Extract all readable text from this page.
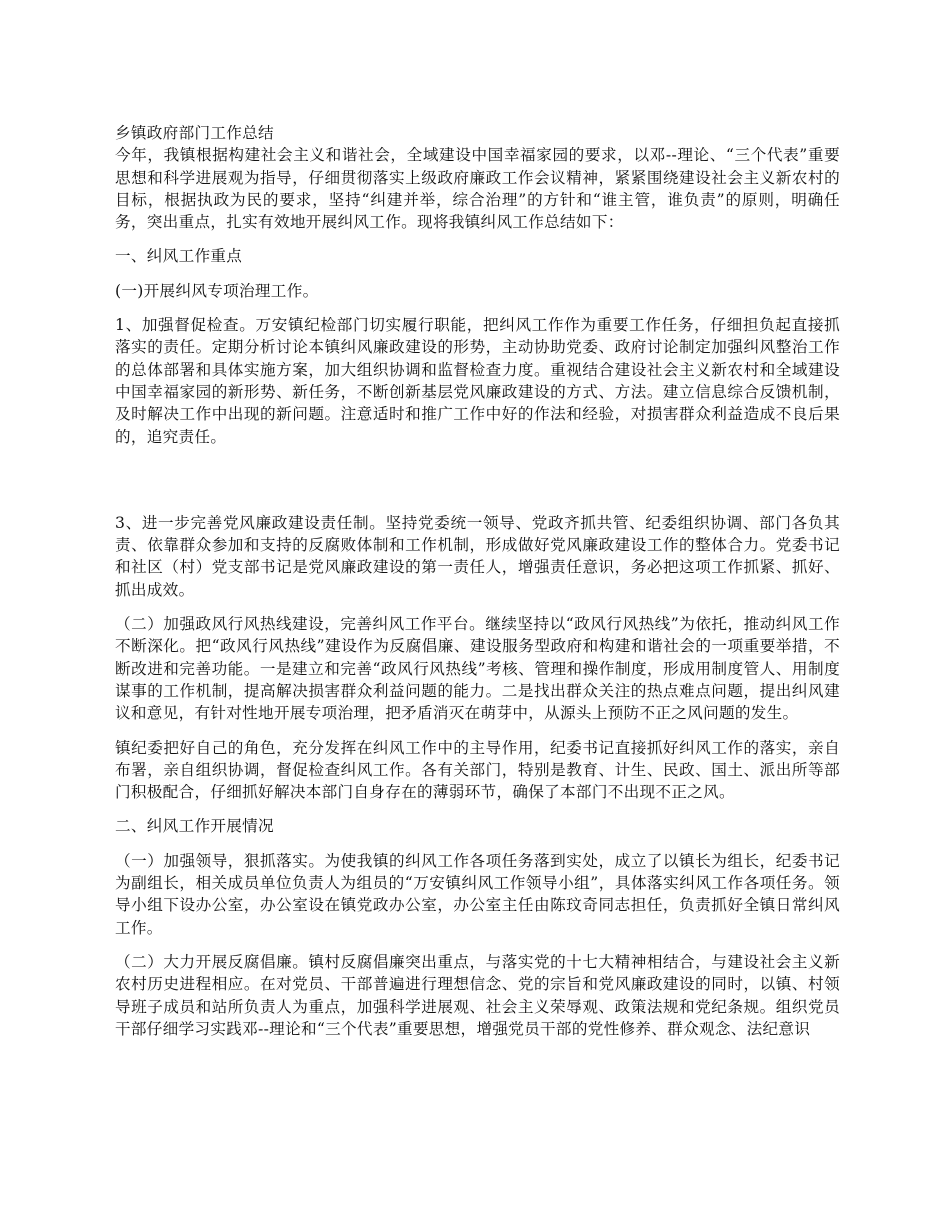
乡镇政府部门工作总结

今年，我镇根据构建社会主义和谐社会，全域建设中国幸福家园的要求，以邓--理论、“三个代表”重要思想和科学进展观为指导，仔细贯彻落实上级政府廉政工作会议精神，紧紧围绕建设社会主义新农村的目标，根据执政为民的要求，坚持“纠建并举，综合治理”的方针和“谁主管，谁负责”的原则，明确任务，突出重点，扎实有效地开展纠风工作。现将我镇纠风工作总结如下：

一、纠风工作重点

(一)开展纠风专项治理工作。

1、加强督促检查。万安镇纪检部门切实履行职能，把纠风工作作为重要工作任务，仔细担负起直接抓落实的责任。定期分析讨论本镇纠风廉政建设的形势，主动协助党委、政府讨论制定加强纠风整治工作的总体部署和具体实施方案，加大组织协调和监督检查力度。重视结合建设社会主义新农村和全域建设中国幸福家园的新形势、新任务，不断创新基层党风廉政建设的方式、方法。建立信息综合反馈机制，及时解决工作中出现的新问题。注意适时和推广工作中好的作法和经验，对损害群众利益造成不良后果的，追究责任。

3、进一步完善党风廉政建设责任制。坚持党委统一领导、党政齐抓共管、纪委组织协调、部门各负其责、依靠群众参加和支持的反腐败体制和工作机制，形成做好党风廉政建设工作的整体合力。党委书记和社区（村）党支部书记是党风廉政建设的第一责任人，增强责任意识，务必把这项工作抓紧、抓好、抓出成效。

（二）加强政风行风热线建设，完善纠风工作平台。继续坚持以“政风行风热线”为依托，推动纠风工作不断深化。把“政风行风热线”建设作为反腐倡廉、建设服务型政府和构建和谐社会的一项重要举措，不断改进和完善功能。一是建立和完善“政风行风热线”考核、管理和操作制度，形成用制度管人、用制度谋事的工作机制，提高解决损害群众利益问题的能力。二是找出群众关注的热点难点问题，提出纠风建议和意见，有针对性地开展专项治理，把矛盾消灭在萌芽中，从源头上预防不正之风问题的发生。

镇纪委把好自己的角色，充分发挥在纠风工作中的主导作用，纪委书记直接抓好纠风工作的落实，亲自布署，亲自组织协调，督促检查纠风工作。各有关部门，特别是教育、计生、民政、国土、派出所等部门积极配合，仔细抓好解决本部门自身存在的薄弱环节，确保了本部门不出现不正之风。

二、纠风工作开展情况

（一）加强领导，狠抓落实。为使我镇的纠风工作各项任务落到实处，成立了以镇长为组长，纪委书记为副组长，相关成员单位负责人为组员的“万安镇纠风工作领导小组”，具体落实纠风工作各项任务。领导小组下设办公室，办公室设在镇党政办公室，办公室主任由陈玟奇同志担任，负责抓好全镇日常纠风工作。

（二）大力开展反腐倡廉。镇村反腐倡廉突出重点，与落实党的十七大精神相结合，与建设社会主义新农村历史进程相应。在对党员、干部普遍进行理想信念、党的宗旨和党风廉政建设的同时，以镇、村领导班子成员和站所负责人为重点，加强科学进展观、社会主义荣辱观、政策法规和党纪条规。组织党员干部仔细学习实践邓--理论和“三个代表”重要思想，增强党员干部的党性修养、群众观念、法纪意识
